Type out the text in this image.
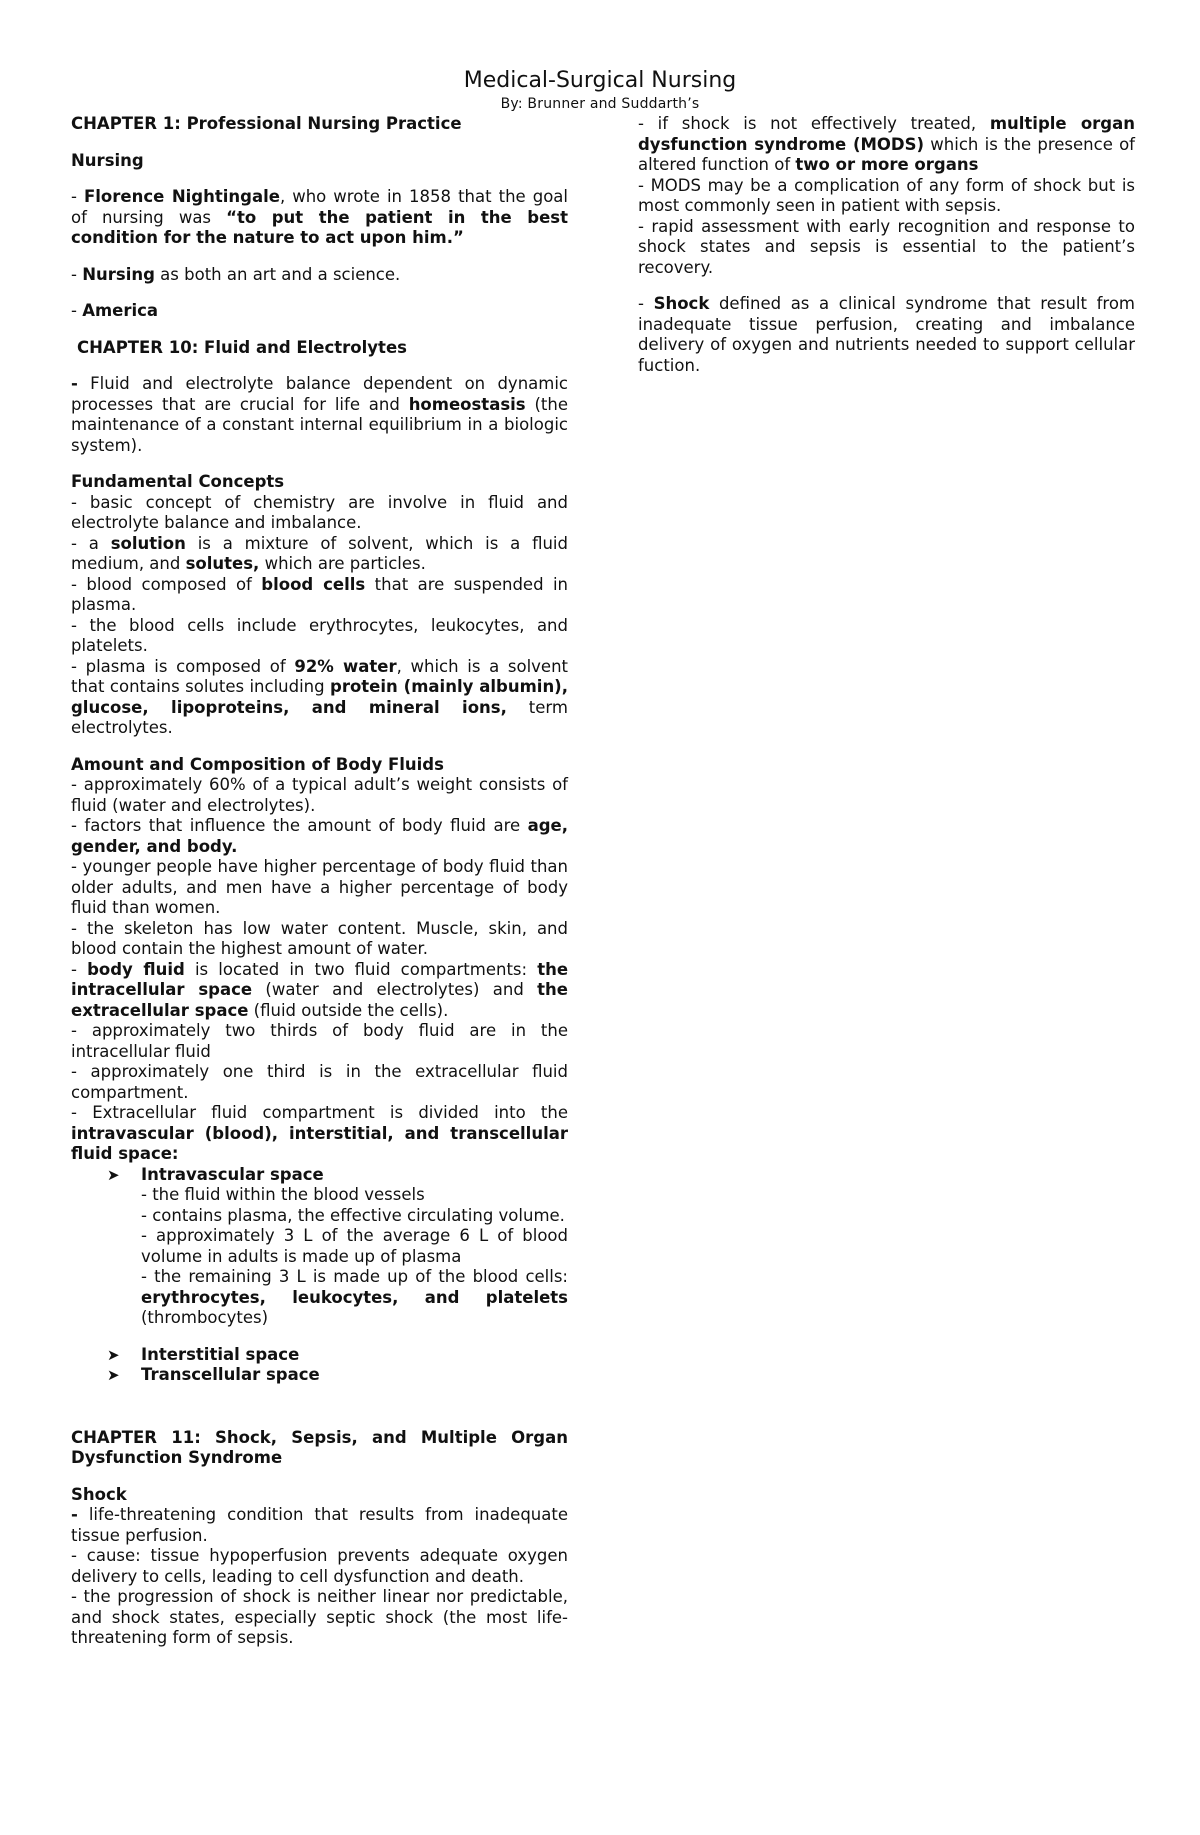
Medical-Surgical Nursing
By: Brunner and Suddarth’s

CHAPTER 1: Professional Nursing Practice

Nursing

- Florence Nightingale, who wrote in 1858 that the goal of nursing was “to put the patient in the best condition for the nature to act upon him.”

- Nursing as both an art and a science.

- America

CHAPTER 10: Fluid and Electrolytes

- Fluid and electrolyte balance dependent on dynamic processes that are crucial for life and homeostasis (the maintenance of a constant internal equilibrium in a biologic system).

Fundamental Concepts

- basic concept of chemistry are involve in fluid and electrolyte balance and imbalance.

- a solution is a mixture of solvent, which is a fluid medium, and solutes, which are particles.

- blood composed of blood cells that are suspended in plasma.

- the blood cells include erythrocytes, leukocytes, and platelets.

- plasma is composed of 92% water, which is a solvent that contains solutes including protein (mainly albumin), glucose, lipoproteins, and mineral ions, term electrolytes.

Amount and Composition of Body Fluids

- approximately 60% of a typical adult’s weight consists of fluid (water and electrolytes).

- factors that influence the amount of body fluid are age, gender, and body.

- younger people have higher percentage of body fluid than older adults, and men have a higher percentage of body fluid than women.

- the skeleton has low water content. Muscle, skin, and blood contain the highest amount of water.

- body fluid is located in two fluid compartments: the intracellular space (water and electrolytes) and the extracellular space (fluid outside the cells).

- approximately two thirds of body fluid are in the intracellular fluid

- approximately one third is in the extracellular fluid compartment.

- Extracellular fluid compartment is divided into the intravascular (blood), interstitial, and transcellular fluid space:

➤ Intravascular space

- the fluid within the blood vessels

- contains plasma, the effective circulating volume.

- approximately 3 L of the average 6 L of blood volume in adults is made up of plasma

- the remaining 3 L is made up of the blood cells: erythrocytes, leukocytes, and platelets (thrombocytes)

➤ Interstitial space

➤ Transcellular space

CHAPTER 11: Shock, Sepsis, and Multiple Organ Dysfunction Syndrome

Shock

- life-threatening condition that results from inadequate tissue perfusion.

- cause: tissue hypoperfusion prevents adequate oxygen delivery to cells, leading to cell dysfunction and death.

- the progression of shock is neither linear nor predictable, and shock states, especially septic shock (the most life-threatening form of sepsis.

- if shock is not effectively treated, multiple organ dysfunction syndrome (MODS) which is the presence of altered function of two or more organs

- MODS may be a complication of any form of shock but is most commonly seen in patient with sepsis.

- rapid assessment with early recognition and response to shock states and sepsis is essential to the patient’s recovery.

- Shock defined as a clinical syndrome that result from inadequate tissue perfusion, creating and imbalance delivery of oxygen and nutrients needed to support cellular fuction.
